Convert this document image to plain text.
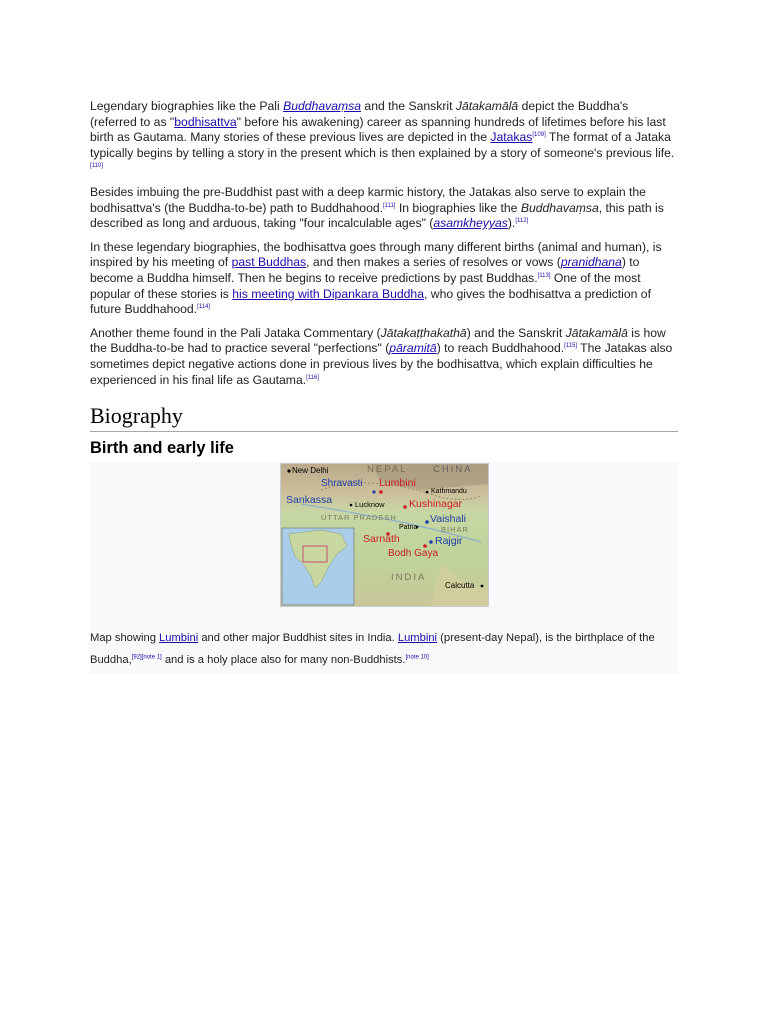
Legendary biographies like the Pali Buddhavaṃsa and the Sanskrit Jātakamālā depict the Buddha's (referred to as "bodhisattva" before his awakening) career as spanning hundreds of lifetimes before his last birth as Gautama. Many stories of these previous lives are depicted in the Jatakas[109] The format of a Jataka typically begins by telling a story in the present which is then explained by a story of someone's previous life.[110]

Besides imbuing the pre-Buddhist past with a deep karmic history, the Jatakas also serve to explain the bodhisattva's (the Buddha-to-be) path to Buddhahood.[111] In biographies like the Buddhavaṃsa, this path is described as long and arduous, taking "four incalculable ages" (asamkheyyas).[112]

In these legendary biographies, the bodhisattva goes through many different births (animal and human), is inspired by his meeting of past Buddhas, and then makes a series of resolves or vows (pranidhana) to become a Buddha himself. Then he begins to receive predictions by past Buddhas.[113] One of the most popular of these stories is his meeting with Dipankara Buddha, who gives the bodhisattva a prediction of future Buddhahood.[114]

Another theme found in the Pali Jataka Commentary (Jātakaṭṭhakathā) and the Sanskrit Jātakamālā is how the Buddha-to-be had to practice several "perfections" (pāramitā) to reach Buddhahood.[115] The Jatakas also sometimes depict negative actions done in previous lives by the bodhisattva, which explain difficulties he experienced in his final life as Gautama.[116]

Biography
Birth and early life
New Delhi	NEPAL	CHINA
Shravasti Lumbini
Kathmandu
Sankassa	Lucknow Kushinagar
UTTAR PRADESH	Vaishali
Patna	BIHAR
Sarnath	Rajgir
Bodh Gaya
INDIA
Calcutta
Map showing Lumbini and other major Buddhist sites in India. Lumbini (present-day Nepal), is the birthplace of the Buddha,[92][note 1] and is a holy place also for many non-Buddhists.[note 10]
